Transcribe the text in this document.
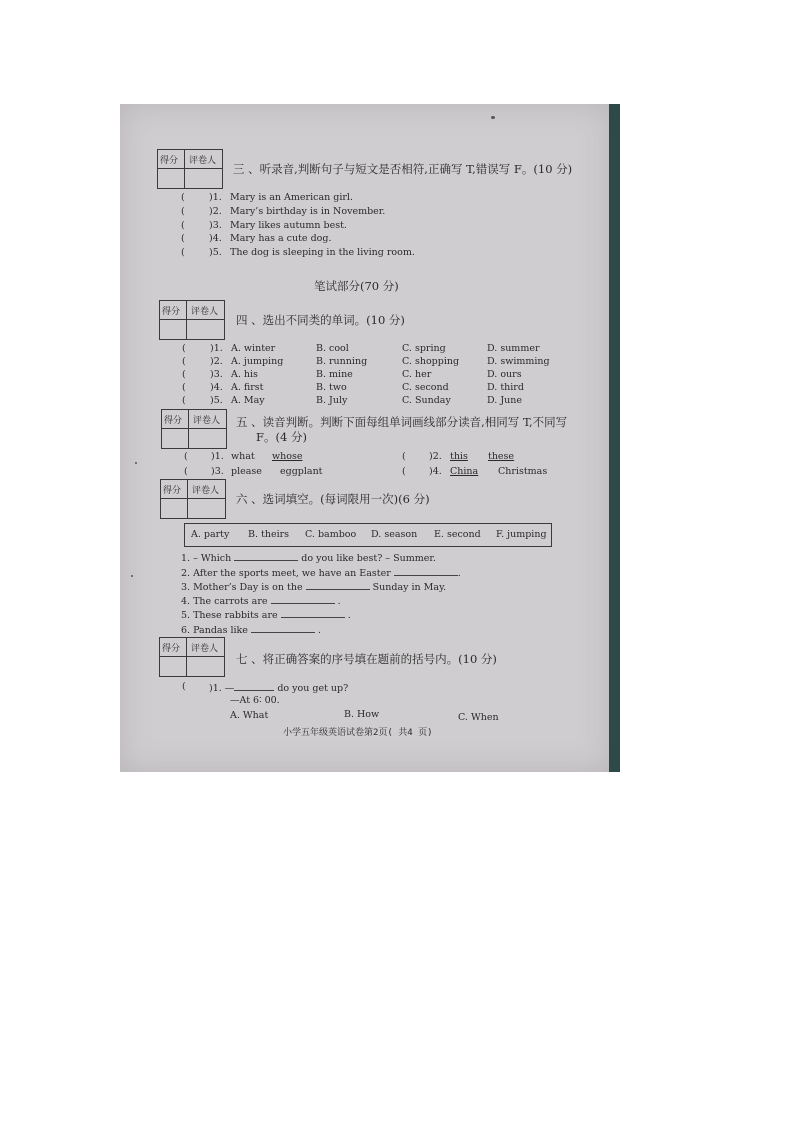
得分 评卷人
三 、听录音,判断句子与短文是否相符,正确写 T,错误写 F。(10 分)
(	)1. Mary is an American girl.
(	)2. Mary’s birthday is in November.
(	)3. Mary likes autumn best.
(	)4. Mary has a cute dog.
(	)5. The dog is sleeping in the living room.
笔试部分(70 分)
得分 评卷人
四 、选出不同类的单词。(10 分)
(	)1. A. winter	B. cool	C. spring	D. summer
(	)2. A. jumping	B. running	C. shopping	D. swimming
(	)3. A. his	B. mine	C. her	D. ours
(	)4. A. first	B. two	C. second	D. third
(	)5. A. May	B. July	C. Sunday	D. June
得分 评卷人 五 、读音判断。判断下面每组单词画线部分读音,相同写 T,不同写
F。(4 分)
( )1. what whose	( )2. this these
( )3. please eggplant	( )4. China Christmas
得分 评卷人
六 、选词填空。(每词限用一次)(6 分)
A. party B. theirs C. bamboo D. season E. second F. jumping
1. – Which	do you like best? – Summer.
2. After the sports meet, we have an Easter	.
3. Mother’s Day is on the	Sunday in May.
4. The carrots are	.
5. These rabbits are	.
6. Pandas like	.
得分 评卷人
七 、将正确答案的序号填在题前的括号内。(10 分)
( )1. —	do you get up?
—At 6∶ 00.
A. What	B. How	C. When
小学五年级英语试卷第2页( 共4 页)
